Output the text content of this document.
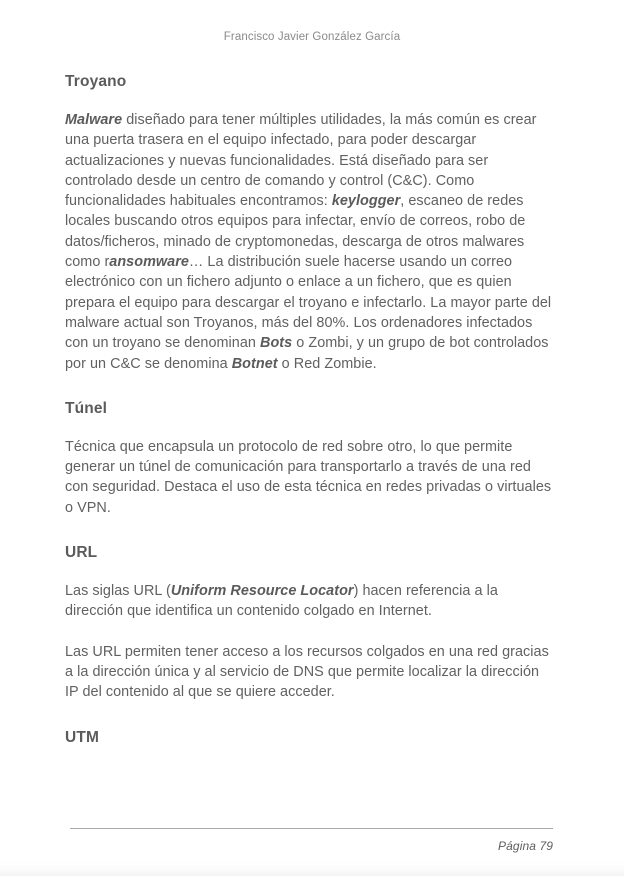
Francisco Javier González García
Troyano

Malware diseñado para tener múltiples utilidades, la más común es crear una puerta trasera en el equipo infectado, para poder descargar actualizaciones y nuevas funcionalidades. Está diseñado para ser controlado desde un centro de comando y control (C&C). Como funcionalidades habituales encontramos: keylogger, escaneo de redes locales buscando otros equipos para infectar, envío de correos, robo de datos/ficheros, minado de cryptomonedas, descarga de otros malwares como ransomware… La distribución suele hacerse usando un correo electrónico con un fichero adjunto o enlace a un fichero, que es quien prepara el equipo para descargar el troyano e infectarlo. La mayor parte del malware actual son Troyanos, más del 80%. Los ordenadores infectados con un troyano se denominan Bots o Zombi, y un grupo de bot controlados por un C&C se denomina Botnet o Red Zombie.

Túnel

Técnica que encapsula un protocolo de red sobre otro, lo que permite generar un túnel de comunicación para transportarlo a través de una red con seguridad. Destaca el uso de esta técnica en redes privadas o virtuales o VPN.

URL

Las siglas URL (Uniform Resource Locator) hacen referencia a la dirección que identifica un contenido colgado en Internet.

Las URL permiten tener acceso a los recursos colgados en una red gracias a la dirección única y al servicio de DNS que permite localizar la dirección IP del contenido al que se quiere acceder.

UTM
Página 79
